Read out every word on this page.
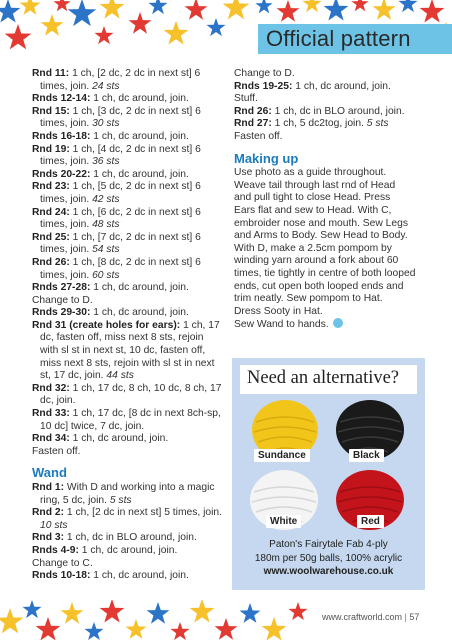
Official pattern

Rnd 11: 1 ch, [2 dc, 2 dc in next st] 6 times, join. 24 sts

Rnds 12-14: 1 ch, dc around, join.

Rnd 15: 1 ch, [3 dc, 2 dc in next st] 6 times, join. 30 sts

Rnds 16-18: 1 ch, dc around, join.

Rnd 19: 1 ch, [4 dc, 2 dc in next st] 6 times, join. 36 sts

Rnds 20-22: 1 ch, dc around, join.

Rnd 23: 1 ch, [5 dc, 2 dc in next st] 6 times, join. 42 sts

Rnd 24: 1 ch, [6 dc, 2 dc in next st] 6 times, join. 48 sts

Rnd 25: 1 ch, [7 dc, 2 dc in next st] 6 times, join. 54 sts

Rnd 26: 1 ch, [8 dc, 2 dc in next st] 6 times, join. 60 sts

Rnds 27-28: 1 ch, dc around, join.

Change to D.

Rnds 29-30: 1 ch, dc around, join.

Rnd 31 (create holes for ears): 1 ch, 17 dc, fasten off, miss next 8 sts, rejoin with sl st in next st, 10 dc, fasten off, miss next 8 sts, rejoin with sl st in next st, 17 dc, join. 44 sts

Rnd 32: 1 ch, 17 dc, 8 ch, 10 dc, 8 ch, 17 dc, join.

Rnd 33: 1 ch, 17 dc, [8 dc in next 8ch-sp, 10 dc] twice, 7 dc, join.

Rnd 34: 1 ch, dc around, join.

Fasten off.

Wand

Rnd 1: With D and working into a magic ring, 5 dc, join. 5 sts

Rnd 2: 1 ch, [2 dc in next st] 5 times, join. 10 sts

Rnd 3: 1 ch, dc in BLO around, join.

Rnds 4-9: 1 ch, dc around, join.

Change to C.

Rnds 10-18: 1 ch, dc around, join.

Change to D.

Rnds 19-25: 1 ch, dc around, join.

Stuff.

Rnd 26: 1 ch, dc in BLO around, join.

Rnd 27: 1 ch, 5 dc2tog, join. 5 sts

Fasten off.

Making up
Use photo as a guide throughout.
Weave tail through last rnd of Head
and pull tight to close Head. Press
Ears flat and sew to Head. With C,
embroider nose and mouth. Sew Legs
and Arms to Body. Sew Head to Body.
With D, make a 2.5cm pompom by
winding yarn around a fork about 60
times, tie tightly in centre of both looped
ends, cut open both looped ends and
trim neatly. Sew pompom to Hat.
Dress Sooty in Hat.
Sew Wand to hands.
Need an alternative?
Sundance	Black
White	Red
Paton's Fairytale Fab 4-ply
180m per 50g balls, 100% acrylic
www.woolwarehouse.co.uk
www.craftworld.com | 57
